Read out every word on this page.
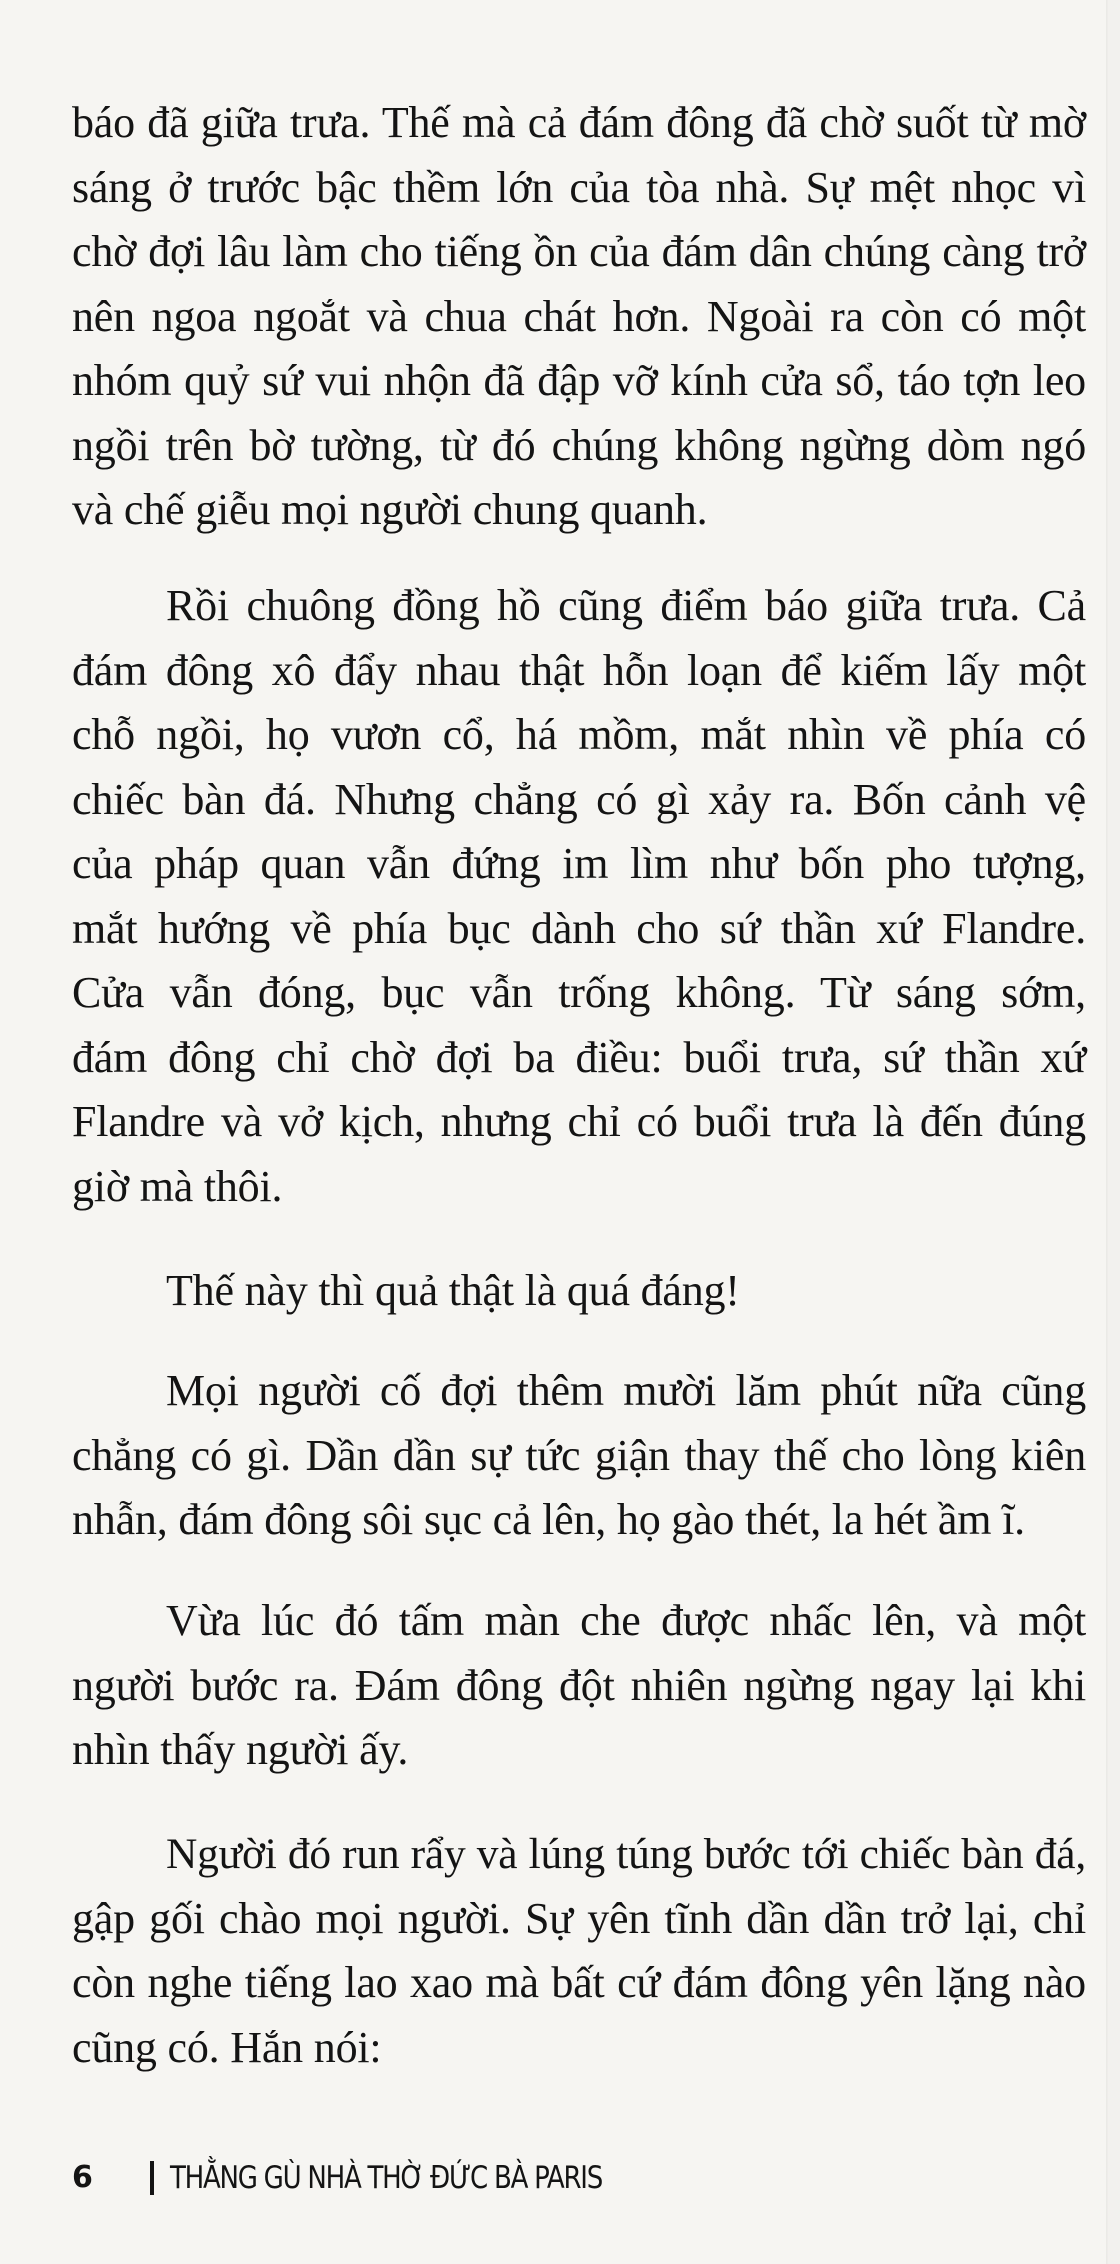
báo đã giữa trưa. Thế mà cả đám đông đã chờ suốt từ mờ
sáng ở trước bậc thềm lớn của tòa nhà. Sự mệt nhọc vì
chờ đợi lâu làm cho tiếng ồn của đám dân chúng càng trở
nên ngoa ngoắt và chua chát hơn. Ngoài ra còn có một
nhóm quỷ sứ vui nhộn đã đập vỡ kính cửa sổ, táo tợn leo
ngồi trên bờ tường, từ đó chúng không ngừng dòm ngó
và chế giễu mọi người chung quanh.
Rồi chuông đồng hồ cũng điểm báo giữa trưa. Cả
đám đông xô đẩy nhau thật hỗn loạn để kiếm lấy một
chỗ ngồi, họ vươn cổ, há mồm, mắt nhìn về phía có
chiếc bàn đá. Nhưng chẳng có gì xảy ra. Bốn cảnh vệ
của pháp quan vẫn đứng im lìm như bốn pho tượng,
mắt hướng về phía bục dành cho sứ thần xứ Flandre.
Cửa vẫn đóng, bục vẫn trống không. Từ sáng sớm,
đám đông chỉ chờ đợi ba điều: buổi trưa, sứ thần xứ
Flandre và vở kịch, nhưng chỉ có buổi trưa là đến đúng
giờ mà thôi.
Thế này thì quả thật là quá đáng!
Mọi người cố đợi thêm mười lăm phút nữa cũng
chẳng có gì. Dần dần sự tức giận thay thế cho lòng kiên
nhẫn, đám đông sôi sục cả lên, họ gào thét, la hét ầm ĩ.
Vừa lúc đó tấm màn che được nhấc lên, và một
người bước ra. Đám đông đột nhiên ngừng ngay lại khi
nhìn thấy người ấy.
Người đó run rẩy và lúng túng bước tới chiếc bàn đá,
gập gối chào mọi người. Sự yên tĩnh dần dần trở lại, chỉ
còn nghe tiếng lao xao mà bất cứ đám đông yên lặng nào
cũng có. Hắn nói:
6 THẰNG GÙ NHÀ THỜ ĐỨC BÀ PARIS
